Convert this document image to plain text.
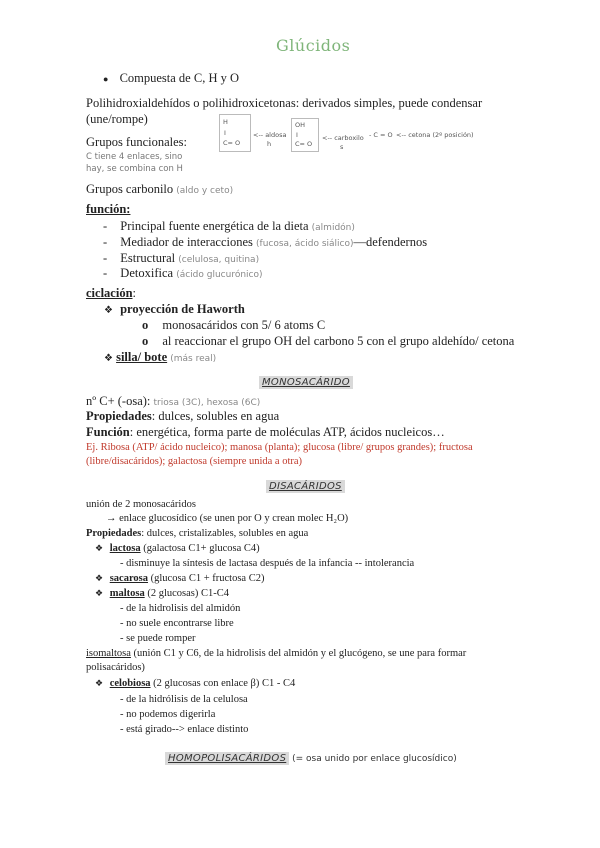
Glúcidos
● Compuesta de C, H y O
Polihidroxialdehídos o polihidroxicetonas: derivados simples, puede condensar
(une/rompe)
Grupos funcionales:
C tiene 4 enlaces, sino
hay, se combina con H
H
I
C= O
<-- aldosa
h
OH
I
C= O
<-- carboxilo
s
- C = O <-- cetona (2º posición)
Grupos carbonilo (aldo y ceto)
función:
- Principal fuente energética de la dieta (almidón)
- Mediador de interacciones (fucosa, ácido siálico)—defendernos
- Estructural (celulosa, quitina)
- Detoxifica (ácido glucurónico)
ciclación:
❖ proyección de Haworth
o monosacáridos con 5/ 6 atoms C
o al reaccionar el grupo OH del carbono 5 con el grupo aldehído/ cetona
❖ silla/ bote (más real)
MONOSACÁRIDO
nº C+ (-osa): triosa (3C), hexosa (6C)
Propiedades: dulces, solubles en agua
Función: energética, forma parte de moléculas ATP, ácidos nucleicos…
Ej. Ribosa (ATP/ ácido nucleico); manosa (planta); glucosa (libre/ grupos grandes); fructosa
(libre/disacáridos); galactosa (siempre unida a otra)
DISACÁRIDOS
unión de 2 monosacáridos
→ enlace glucosídico (se unen por O y crean molec H₂O)
Propiedades: dulces, cristalizables, solubles en agua
❖ lactosa (galactosa C1+ glucosa C4)
- disminuye la síntesis de lactasa después de la infancia -- intolerancia
❖ sacarosa (glucosa C1 + fructosa C2)
❖ maltosa (2 glucosas) C1-C4
- de la hidrolisis del almidón
- no suele encontrarse libre
- se puede romper
isomaltosa (unión C1 y C6, de la hidrolisis del almidón y el glucógeno, se une para formar
polisacáridos)
❖ celobiosa (2 glucosas con enlace β) C1 - C4
- de la hidrólisis de la celulosa
- no podemos digerirla
- está girado--> enlace distinto
HOMOPOLISACÁRIDOS (= osa unido por enlace glucosídico)
